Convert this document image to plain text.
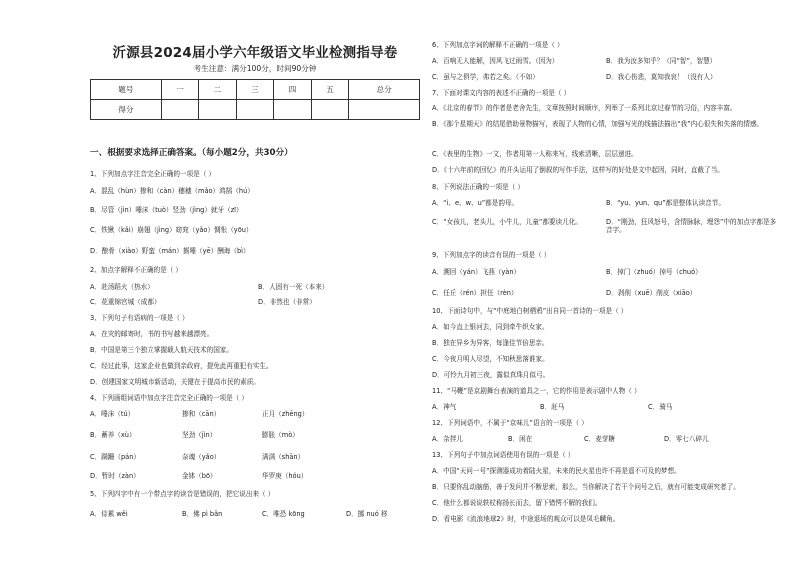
沂源县2024届小学六年级语文毕业检测指导卷
考生注意：满分100分，时间90分钟
题号	一	二	三	四	五	总分
得分						
一、根据要求选择正确答案。（每小题2分，共30分）
1、下列加点字注音完全正确的一项是（ ）
A．混乱（hùn）掺和（càn）穗穗（mǎo）鸿鹄（hú）
B．尽管（jìn）唾沫（tuò）竖劲（jìng）就牙（zī）
C．铁锹（kǎi）崩翅（jìng）窈窕（yǎo）惆怅（yōu）
D．酿骨（xiào）野蛮（mán）掳唾（yē）酬诲（bì）
2、加点字解释不正确的是（ ）
A．赴汤蹈火（热水）	B．人固有一死（本来）
C．花重锦官城（成都）	D．非然也（非常）
3、下列句子有语病的一项是（ ）
A．在灾的邮寄时，书的书写越来越漂亮。
B．中国是第三个独立掌握载人航天技术的国家。
C．经过此事，这家企业也做到亲政府，提免此再重犯有实生。
D．创建国家文明城市新活动，关键在于提高市民的素质。
4、下列画组词语中加点字注音完全正确的一项是（ ）
A．唾沫（tú）	掺和（cān）	正月（zhēng）
B．蓄养（xù）	坚劲（jìn）	膨胀（mò）
C．蹒跚（pán）	奈魂（yǎo）	满满（shān）
D．暂时（zàn）	金钵（bō）	华罗庚（hóu）
5、下列四字中有一个带点字的读音是错误的，把它说出来（ ）
A．侍累 wěi	B．佛 pì bǎn	C．唯恐 kōng	D．挪 nuó 移
6、下列加点字词的解释不正确的一项是（ ）
A．百响无人能解，因风飞过雨雪。（因为）	B．我为汝多知乎？（同“智”，智慧）
C．虽与之俱学，弗若之矣。（不如）	D．我心伤悲，莫知我哀！（没有人）
7、下面对课文内容的表述不正确的一项是（ ）
A．《北京的春节》的作者是老舍先生，文章按照时间顺序，列举了一系列北京过春节的习俗，内容丰富。
B．《那个星期天》的结尾借助景物描写，表现了人物的心情，加强写光的线描法描出“我”内心很失和失落的情感。
C．《表里的生物》一文，作者用第一人称来写，线索清晰，层层递进。
D．《十六年前的回忆》的开头运用了倒叙的写作手法，这样写的好处是文中起因，同时，直截了当。
8、下列说法正确的一项是（ ）
A．“i、e、w、u”都是韵母。	B．“yu、yun、qu”都是整体认读音节。
C．“女孩儿，老头儿，小牛儿，儿童”都要读儿化。	D．“刚劲，狂风怒号，含情脉脉，埋怨”中的加点字都是多音字。
9、下列加点字的读音有误的一项是（ ）
A．溯回（yán）飞燕（yàn）	B．掉门（zhuó）掉号（chuó）
C．任丘（rén）担任（rèn）	D．剥削（xuē）削皮（xiāo）
10、下面诗句中，与“中庭地白树栖鸦”出自同一首诗的一项是（ ）
A．如今直上银河去，同到牵牛织女家。
B．独在异乡为异客，每逢佳节倍思亲。
C．今夜月明人尽望，不知秋思落谁家。
D．可怜九月初三夜，露似真珠月似弓。
11、“马鞭”是京剧舞台表演的道具之一，它的作用是表示剧中人物（ ）
A．神气	B．赶马	C．骑马
12、下列词语中，不属于“京味儿”语言的一项是（ ）
A．杂拌儿	B．闲在	C．麦芽糖	D．零七八碎儿
13、下列句子中加点词语使用有误的一项是（ ）
A．中国“天问一号”探测器成功着陆火星，未来的民火星也许不再是遥不可及的梦想。
B．只要你乱动脑筋，善于发问并不断思索，那么，当你解决了若干个问号之后，就有可能变成研究者了。
C．他什么都说说轶杖称扬长而去，留下错愕不解的我们。
D．看电影《流浪地球2》时，中途退场的观众可以是凤毛麟角。
